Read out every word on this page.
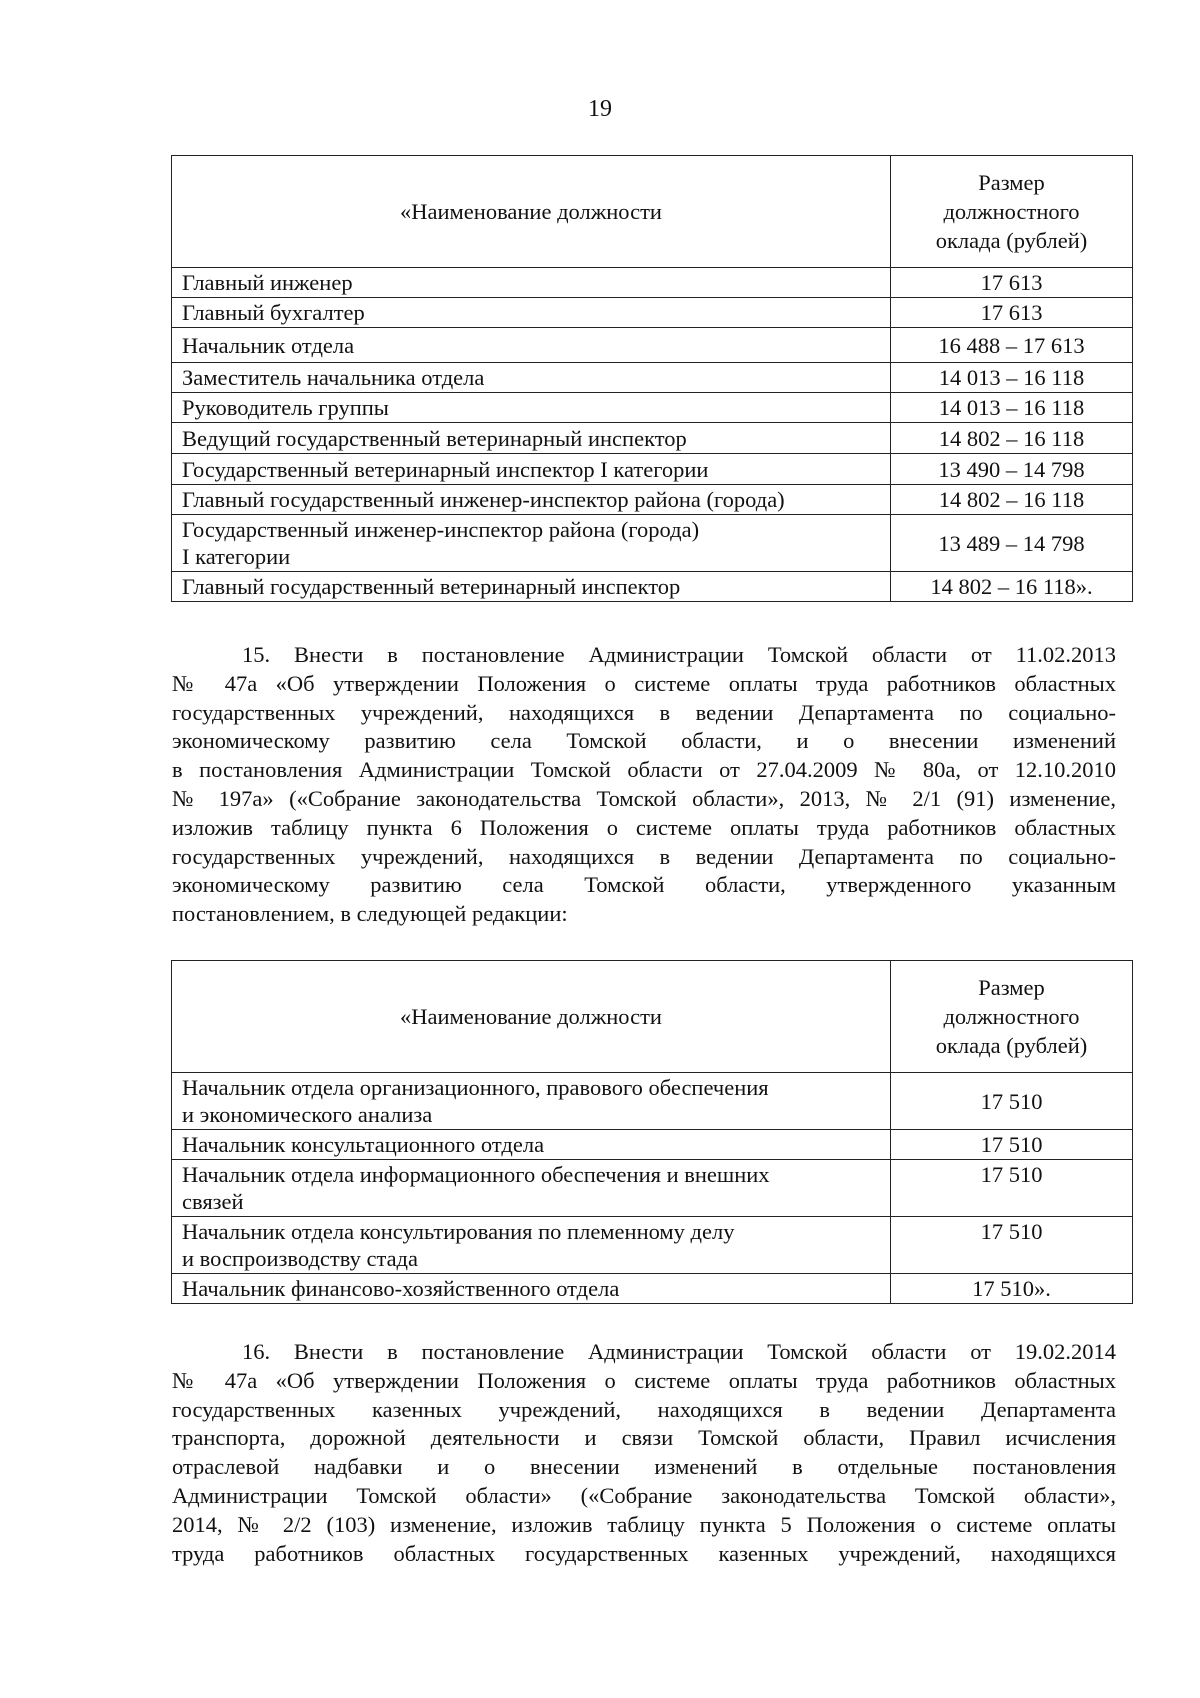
19
«Наименование должности	Размер
должностного
оклада (рублей)

Главный инженер	17 613
Главный бухгалтер	17 613
Начальник отдела	16 488 – 17 613
Заместитель начальника отдела	14 013 – 16 118
Руководитель группы	14 013 – 16 118
Ведущий государственный ветеринарный инспектор	14 802 – 16 118
Государственный ветеринарный инспектор I категории	13 490 – 14 798
Главный государственный инженер-инспектор района (города)	14 802 – 16 118

Государственный инженер-инспектор района (города)
I категории	13 489 – 14 798
Главный государственный ветеринарный инспектор	14 802 – 16 118».

15. Внести в постановление Администрации Томской области от 11.02.2013
№ 47а «Об утверждении Положения о системе оплаты труда работников областных
государственных учреждений, находящихся в ведении Департамента по социально-
экономическому развитию села Томской области, и о внесении изменений
в постановления Администрации Томской области от 27.04.2009 № 80а, от 12.10.2010
№ 197а» («Собрание законодательства Томской области», 2013, № 2/1 (91) изменение,
изложив таблицу пункта 6 Положения о системе оплаты труда работников областных
государственных учреждений, находящихся в ведении Департамента по социально-
экономическому развитию села Томской области, утвержденного указанным
постановлением, в следующей редакции:

«Наименование должности	Размер
должностного
оклада (рублей)

Начальник отдела организационного, правового обеспечения
и экономического анализа	17 510
Начальник консультационного отдела	17 510

Начальник отдела информационного обеспечения и внешних
связей	17 510

Начальник отдела консультирования по племенному делу
и воспроизводству стада	17 510
Начальник финансово-хозяйственного отдела	17 510».

16. Внести в постановление Администрации Томской области от 19.02.2014
№ 47а «Об утверждении Положения о системе оплаты труда работников областных
государственных казенных учреждений, находящихся в ведении Департамента
транспорта, дорожной деятельности и связи Томской области, Правил исчисления
отраслевой надбавки и о внесении изменений в отдельные постановления
Администрации Томской области» («Собрание законодательства Томской области»,
2014, № 2/2 (103) изменение, изложив таблицу пункта 5 Положения о системе оплаты
труда работников областных государственных казенных учреждений, находящихся
